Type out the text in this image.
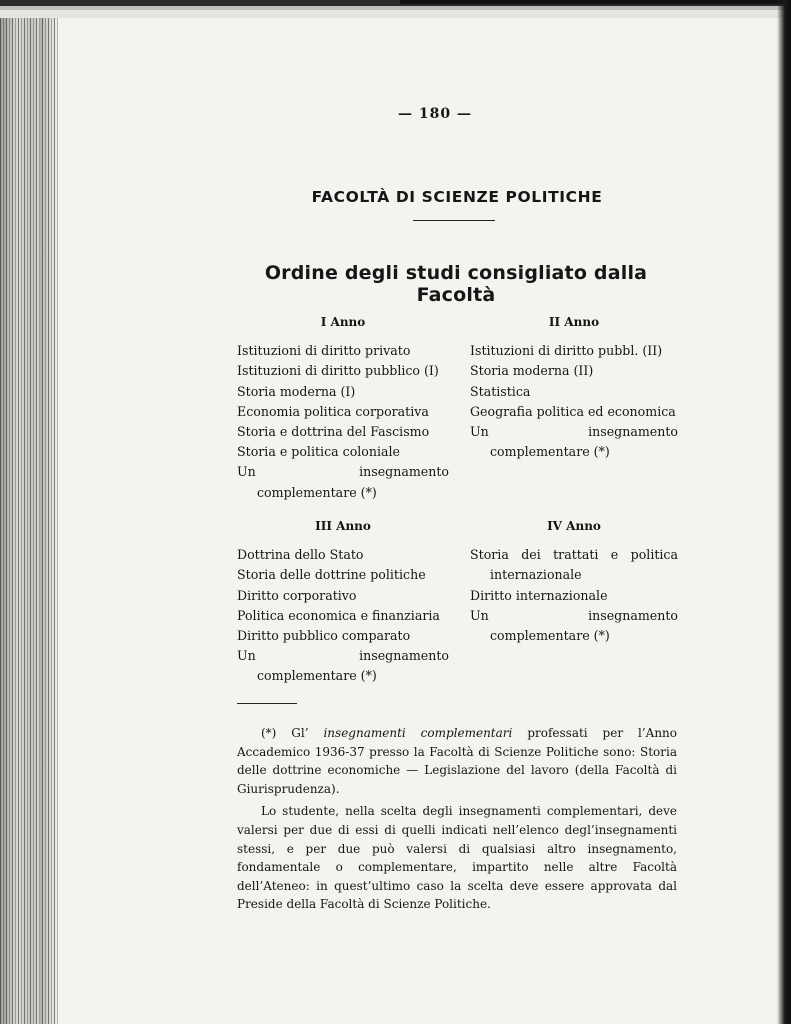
— 180 —
FACOLTÀ DI SCIENZE POLITICHE
Ordine degli studi consigliato dalla Facoltà
I Anno
Istituzioni di diritto privato
Istituzioni di diritto pubblico (I)
Storia moderna (I)
Economia politica corporativa
Storia e dottrina del Fascismo
Storia e politica coloniale
Un insegnamento complementare (*)
II Anno
Istituzioni di diritto pubbl. (II)
Storia moderna (II)
Statistica
Geografia politica ed economica
Un insegnamento complementare (*)
III Anno
Dottrina dello Stato
Storia delle dottrine politiche
Diritto corporativo
Politica economica e finanziaria
Diritto pubblico comparato
Un insegnamento complementare (*)
IV Anno
Storia dei trattati e politica internazionale
Diritto internazionale
Un insegnamento complementare (*)

(*) Gl’ insegnamenti complementari professati per l’Anno Accademico 1936-37 presso la Facoltà di Scienze Politiche sono: Storia delle dottrine economiche — Legislazione del lavoro (della Facoltà di Giurisprudenza).

Lo studente, nella scelta degli insegnamenti complementari, deve valersi per due di essi di quelli indicati nell’elenco degl’insegnamenti stessi, e per due può valersi di qualsiasi altro insegnamento, fondamentale o complementare, impartito nelle altre Facoltà dell’Ateneo: in quest’ultimo caso la scelta deve essere approvata dal Preside della Facoltà di Scienze Politiche.
